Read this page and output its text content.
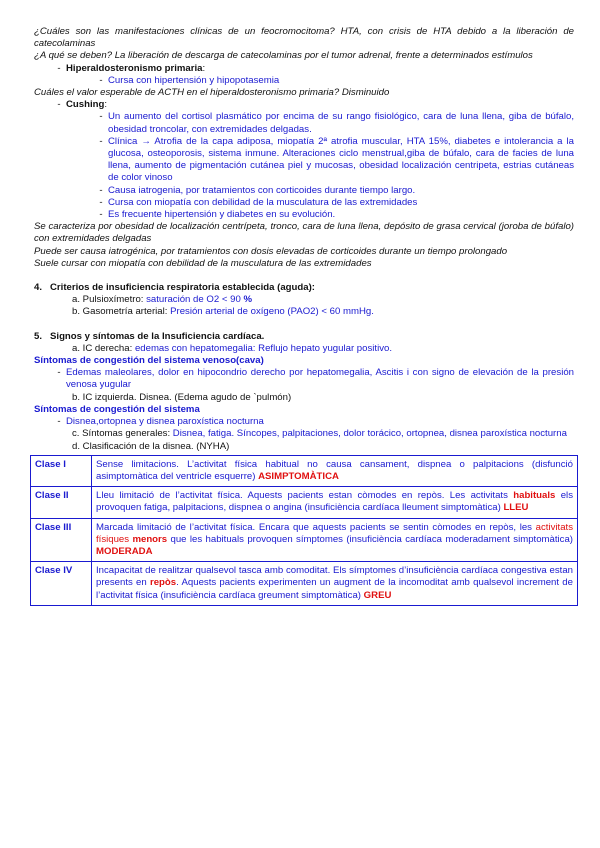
¿Cuáles son las manifestaciones clínicas de un feocromocitoma? HTA, con crisis de HTA debido a la liberación de catecolaminas
¿A qué se deben? La liberación de descarga de catecolaminas por el tumor adrenal, frente a determinados estímulos
- Hiperaldosteronismo primaria :
- Cursa con hipertensión y hipopotasemia
Cuáles el valor esperable de ACTH en el hiperaldosteronismo primaria? Disminuido
- Cushing :
- Un aumento del cortisol plasmático por encima de su rango fisiológico, cara de luna llena, giba de búfalo, obesidad troncolar, con extremidades delgadas.
- Clínica → Atrofia de la capa adiposa, miopatía 2ª atrofia muscular, HTA 15%, diabetes e intolerancia a la glucosa, osteoporosis, sistema inmune. Alteraciones ciclo menstrual,giba de búfalo, cara de facies de luna llena, aumento de pigmentación cutánea piel y mucosas, obesidad localización centripeta, estrias cutáneas de color vinoso
- Causa iatrogenia, por tratamientos con corticoides durante tiempo largo.
- Cursa con miopatía con debilidad de la musculatura de las extremidades
- Es frecuente hipertensión y diabetes en su evolución.
Se caracteriza por obesidad de localización centrípeta, tronco, cara de luna llena, depósito de grasa cervical (joroba de búfalo) con extremidades delgadas
Puede ser causa iatrogénica, por tratamientos con dosis elevadas de corticoides durante un tiempo prolongado
Suele cursar con miopatía con debilidad de la musculatura de las extremidades
4. Criterios de insuficiencia respiratoria establecida (aguda):
a. Pulsioxímetro: saturación de O2 < 90 %
b. Gasometría arterial: Presión arterial de oxígeno (PAO2) < 60 mmHg.
5. Signos y síntomas de la Insuficiencia cardíaca.
a. IC derecha: edemas con hepatomegalia: Reflujo hepato yugular positivo.
Síntomas de congestión del sistema venoso(cava)
- Edemas maleolares, dolor en hipocondrio derecho por hepatomegalia, Ascitis i con signo de elevación de la presión venosa yugular
b. IC izquierda. Disnea. (Edema agudo de `pulmón)
Síntomas de congestión del sistema
- Disnea,ortopnea y disnea paroxística nocturna
c. Síntomas generales: Disnea, fatiga. Síncopes, palpitaciones, dolor torácico, ortopnea, disnea paroxística nocturna
d. Clasificación de la disnea. (NYHA)
Clase I	Sense limitacions. L’activitat física habitual no causa cansament, dispnea o palpitacions (disfunció asimptomàtica del ventricle esquerre) ASIMPTOMÀTICA
Clase II	Lleu limitació de l’activitat física. Aquests pacients estan còmodes en repòs. Les activitats habituals els provoquen fatiga, palpitacions, dispnea o angina (insuficiència cardíaca lleument simptomàtica) LLEU
Clase III	Marcada limitació de l’activitat física. Encara que aquests pacients se sentin còmodes en repòs, les activitats físiques menors que les habituals provoquen símptomes (insuficiència cardíaca moderadament simptomàtica) MODERADA
Clase IV	Incapacitat de realitzar qualsevol tasca amb comoditat. Els símptomes d’insuficiència cardíaca congestiva estan presents en repòs. Aquests pacients experimenten un augment de la incomoditat amb qualsevol increment de l’activitat física (insuficiència cardíaca greument simptomàtica) GREU
